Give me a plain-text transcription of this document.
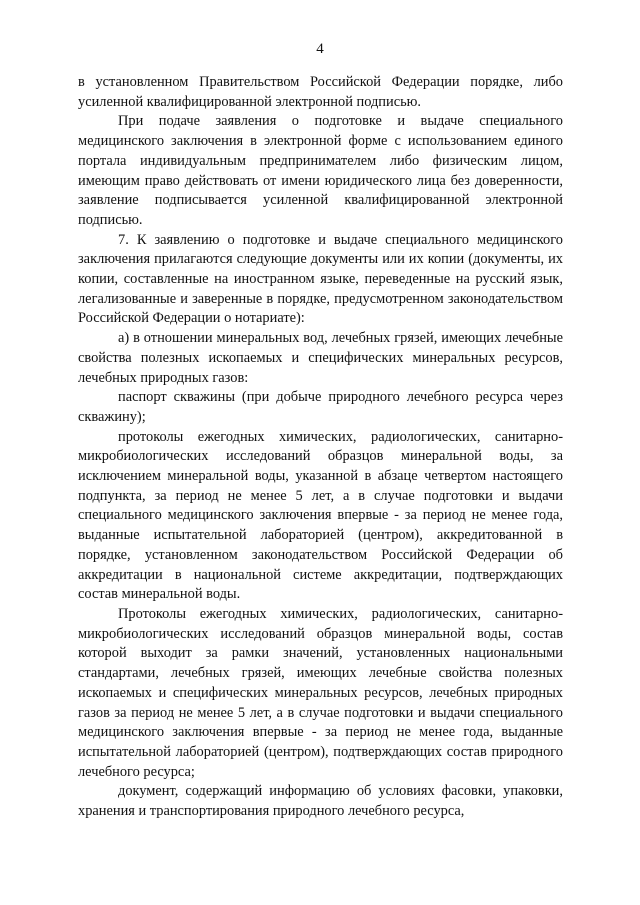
4

в установленном Правительством Российской Федерации порядке, либо усиленной квалифицированной электронной подписью.

При подаче заявления о подготовке и выдаче специального медицинского заключения в электронной форме с использованием единого портала индивидуальным предпринимателем либо физическим лицом, имеющим право действовать от имени юридического лица без доверенности, заявление подписывается усиленной квалифицированной электронной подписью.

7. К заявлению о подготовке и выдаче специального медицинского заключения прилагаются следующие документы или их копии (документы, их копии, составленные на иностранном языке, переведенные на русский язык, легализованные и заверенные в порядке, предусмотренном законодательством Российской Федерации о нотариате):

а) в отношении минеральных вод, лечебных грязей, имеющих лечебные свойства полезных ископаемых и специфических минеральных ресурсов, лечебных природных газов:

паспорт скважины (при добыче природного лечебного ресурса через скважину);

протоколы ежегодных химических, радиологических, санитарно-микробиологических исследований образцов минеральной воды, за исключением минеральной воды, указанной в абзаце четвертом настоящего подпункта, за период не менее 5 лет, а в случае подготовки и выдачи специального медицинского заключения впервые - за период не менее года, выданные испытательной лабораторией (центром), аккредитованной в порядке, установленном законодательством Российской Федерации об аккредитации в национальной системе аккредитации, подтверждающих состав минеральной воды.

Протоколы ежегодных химических, радиологических, санитарно-микробиологических исследований образцов минеральной воды, состав которой выходит за рамки значений, установленных национальными стандартами, лечебных грязей, имеющих лечебные свойства полезных ископаемых и специфических минеральных ресурсов, лечебных природных газов за период не менее 5 лет, а в случае подготовки и выдачи специального медицинского заключения впервые - за период не менее года, выданные испытательной лабораторией (центром), подтверждающих состав природного лечебного ресурса;

документ, содержащий информацию об условиях фасовки, упаковки, хранения и транспортирования природного лечебного ресурса,
